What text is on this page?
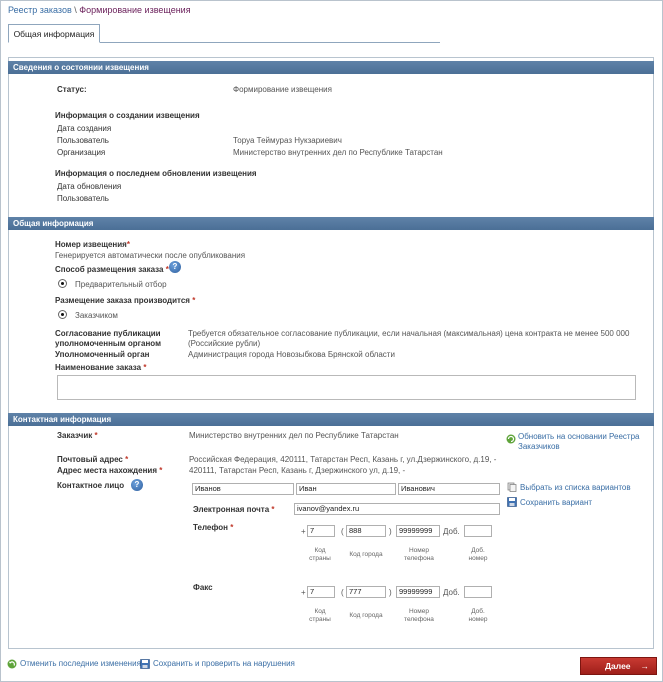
Реестр заказов \ Формирование извещения
Общая информация
Сведения о состоянии извещения
Статус:	Формирование извещения
Информация о создании извещения
Дата создания
Пользователь	Торуа Теймураз Нукзариевич
Организация	Министерство внутренних дел по Республике Татарстан
Информация о последнем обновлении извещения
Дата обновления
Пользователь
Общая информация
Номер извещения*
Генерируется автоматически после опубликования
Способ размещения заказа * ?
Предварительный отбор
Размещение заказа производится *
Заказчиком
Согласование публикации
уполномоченным органом
Требуется обязательное согласование публикации, если начальная (максимальная) цена контракта не менее 500 000
(Российские рубли)
Уполномоченный орган	Администрация города Новозыбкова Брянской области
Наименование заказа *
Контактная информация
Заказчик *	Министерство внутренних дел по Республике Татарстан	Обновить на основании Реестра
Заказчиков
Почтовый адрес *	Российская Федерация, 420111, Татарстан Респ, Казань г, ул.Дзержинского, д.19, -
Адрес места нахождения *	420111, Татарстан Респ, Казань г, Дзержинского ул, д.19, -
Контактное лицо	?	Иванов	Иван	Иванович	Выбрать из списка вариантов
Сохранить вариант
Электронная почта *	ivanov@yandex.ru
Телефон *	+ 7	( 888	) 99999999	Доб.
Код
страны
Код города
Номер
телефона
Доб.
номер
Факс
+ 7	( 777	) 99999999	Доб.
Код
страны
Код города
Номер
телефона
Доб.
номер
Отменить последние изменения Сохранить и проверить на нарушения	Далее →
